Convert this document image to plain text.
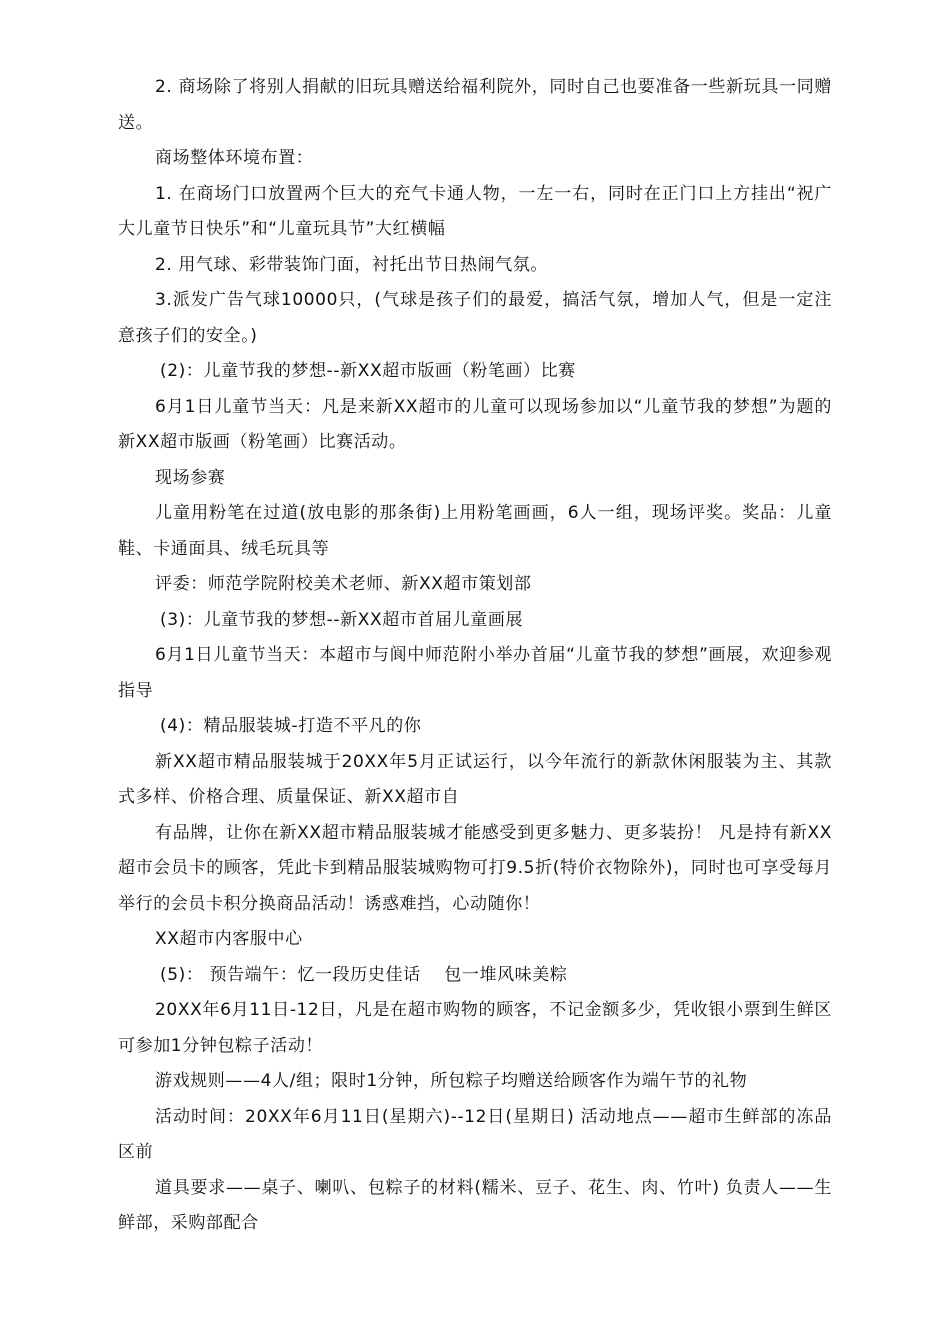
2. 商场除了将别人捐献的旧玩具赠送给福利院外，同时自己也要准备一些新玩具一同赠送。

商场整体环境布置：

1. 在商场门口放置两个巨大的充气卡通人物，一左一右，同时在正门口上方挂出“祝广大儿童节日快乐”和“儿童玩具节”大红横幅

2. 用气球、彩带装饰门面，衬托出节日热闹气氛。

3.派发广告气球10000只，(气球是孩子们的最爱，搞活气氛，增加人气，但是一定注意孩子们的安全。)

(2)：儿童节我的梦想--新XX超市版画（粉笔画）比赛

6月1日儿童节当天：凡是来新XX超市的儿童可以现场参加以“儿童节我的梦想”为题的新XX超市版画（粉笔画）比赛活动。

现场参赛

儿童用粉笔在过道(放电影的那条街)上用粉笔画画，6人一组，现场评奖。奖品：儿童鞋、卡通面具、绒毛玩具等

评委：师范学院附校美术老师、新XX超市策划部

(3)：儿童节我的梦想--新XX超市首届儿童画展

6月1日儿童节当天：本超市与阆中师范附小举办首届“儿童节我的梦想”画展，欢迎参观指导

(4)：精品服装城-打造不平凡的你

新XX超市精品服装城于20XX年5月正试运行，以今年流行的新款休闲服装为主、其款式多样、价格合理、质量保证、新XX超市自

有品牌，让你在新XX超市精品服装城才能感受到更多魅力、更多装扮！ 凡是持有新XX超市会员卡的顾客，凭此卡到精品服装城购物可打9.5折(特价衣物除外)，同时也可享受每月举行的会员卡积分换商品活动！诱惑难挡，心动随你！

XX超市内客服中心

(5)： 预告端午：忆一段历史佳话　 包一堆风味美粽

20XX年6月11日-12日，凡是在超市购物的顾客，不记金额多少，凭收银小票到生鲜区可参加1分钟包粽子活动！

游戏规则——4人/组；限时1分钟，所包粽子均赠送给顾客作为端午节的礼物

活动时间：20XX年6月11日(星期六)--12日(星期日) 活动地点——超市生鲜部的冻品区前

道具要求——桌子、喇叭、包粽子的材料(糯米、豆子、花生、肉、竹叶) 负责人——生鲜部，采购部配合
